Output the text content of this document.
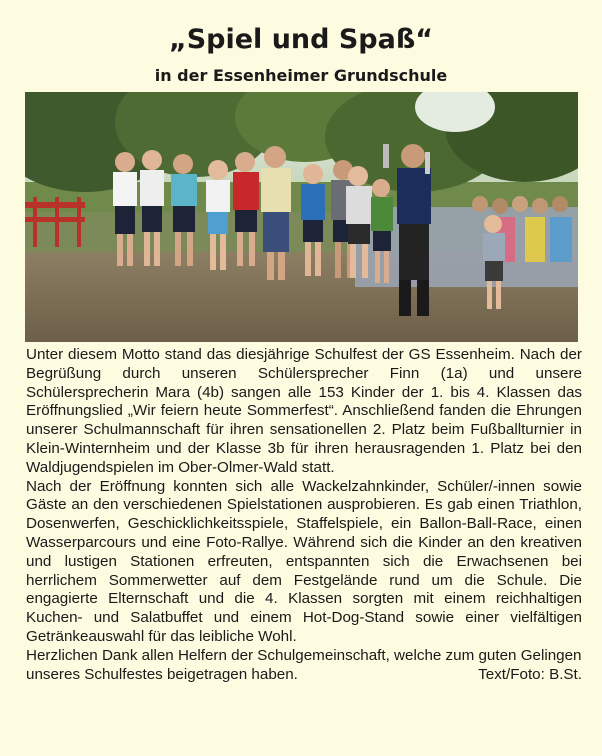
„Spiel und Spaß“
in der Essenheimer Grundschule

Unter diesem Motto stand das diesjährige Schulfest der GS Essenheim. Nach der Begrüßung durch unseren Schülersprecher Finn (1a) und unsere Schülersprecherin Mara (4b) sangen alle 153 Kinder der 1. bis 4. Klassen das Eröffnungslied „Wir feiern heute Sommerfest“. Anschließend fanden die Ehrungen unserer Schulmannschaft für ihren sensationellen 2. Platz beim Fußballturnier in Klein-Winternheim und der Klasse 3b für ihren herausragenden 1. Platz bei den Waldjugendspielen im Ober-Olmer-Wald statt.

Nach der Eröffnung konnten sich alle Wackelzahnkinder, Schüler/-innen sowie Gäste an den verschiedenen Spielstationen ausprobieren. Es gab einen Triathlon, Dosenwerfen, Geschicklichkeitsspiele, Staffelspiele, ein Ballon-Ball-Race, einen Wasserparcours und eine Foto-Rallye. Während sich die Kinder an den kreativen und lustigen Stationen erfreuten, entspannten sich die Erwachsenen bei herrlichem Sommerwetter auf dem Festgelände rund um die Schule. Die engagierte Elternschaft und die 4. Klassen sorgten mit einem reichhaltigen Kuchen- und Salatbuffet und einem Hot-Dog-Stand sowie einer vielfältigen Getränkeauswahl für das leibliche Wohl.

Herzlichen Dank allen Helfern der Schulgemeinschaft, welche zum guten Gelingen unseres Schulfestes beigetragen haben.	Text/Foto: B.St.
